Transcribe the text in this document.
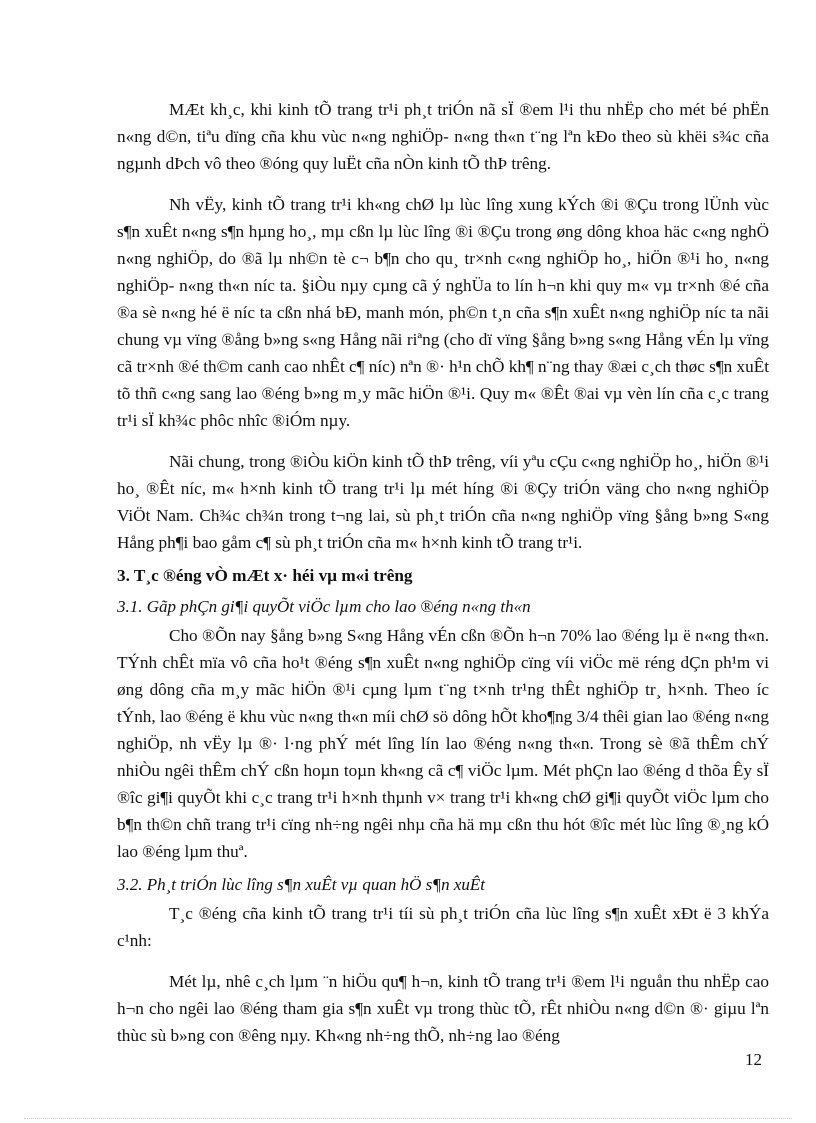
MÆt kh¸c, khi kinh tÕ trang tr¹i ph¸t triÓn nã sÏ ®em l¹i thu nhËp cho mét bé phËn n«ng d©n, tiªu dïng cña khu vùc n«ng nghiÖp- n«ng th«n t¨ng lªn kÐo theo sù khëi s¾c cña ngµnh dÞch vô theo ®óng quy luËt cña nÒn kinh tÕ thÞ trêng.

Nh vËy, kinh tÕ trang tr¹i kh«ng chØ lµ lùc lîng xung kÝch ®i ®Çu trong lÜnh vùc s¶n xuÊt n«ng s¶n hµng ho¸, mµ cßn lµ lùc lîng ®i ®Çu trong øng dông khoa häc c«ng nghÖ n«ng nghiÖp, do ®ã lµ nh©n tè c¬ b¶n cho qu¸ tr×nh c«ng nghiÖp ho¸, hiÖn ®¹i ho¸ n«ng nghiÖp- n«ng th«n níc ta. §iÒu nµy cµng cã ý nghÜa to lín h¬n khi quy m« vµ tr×nh ®é cña ®a sè n«ng hé ë níc ta cßn nhá bÐ, manh món, ph©n t¸n cña s¶n xuÊt n«ng nghiÖp níc ta nãi chung vµ vïng ®ång b»ng s«ng Hång nãi riªng (cho dï vïng §ång b»ng s«ng Hång vÉn lµ vïng cã tr×nh ®é th©m canh cao nhÊt c¶ níc) nªn ®· h¹n chÕ kh¶ n¨ng thay ®æi c¸ch thøc s¶n xuÊt tõ thñ c«ng sang lao ®éng b»ng m¸y mãc hiÖn ®¹i. Quy m« ®Êt ®ai vµ vèn lín cña c¸c trang tr¹i sÏ kh¾c phôc nhîc ®iÓm nµy.

Nãi chung, trong ®iÒu kiÖn kinh tÕ thÞ trêng, víi yªu cÇu c«ng nghiÖp ho¸, hiÖn ®¹i ho¸ ®Êt níc, m« h×nh kinh tÕ trang tr¹i lµ mét híng ®i ®Çy triÓn väng cho n«ng nghiÖp ViÖt Nam. Ch¾c ch¾n trong t¬ng lai, sù ph¸t triÓn cña n«ng nghiÖp vïng §ång b»ng S«ng Hång ph¶i bao gåm c¶ sù ph¸t triÓn cña m« h×nh kinh tÕ trang tr¹i.

3. T¸c ®éng vÒ mÆt x· héi vµ m«i trêng
3.1. Gãp phÇn gi¶i quyÕt viÖc lµm cho lao ®éng n«ng th«n

Cho ®Õn nay §ång b»ng S«ng Hång vÉn cßn ®Õn h¬n 70% lao ®éng lµ ë n«ng th«n. TÝnh chÊt mïa vô cña ho¹t ®éng s¶n xuÊt n«ng nghiÖp cïng víi viÖc më réng dÇn ph¹m vi øng dông cña m¸y mãc hiÖn ®¹i cµng lµm t¨ng t×nh tr¹ng thÊt nghiÖp tr¸ h×nh. Theo íc tÝnh, lao ®éng ë khu vùc n«ng th«n míi chØ sö dông hÕt kho¶ng 3/4 thêi gian lao ®éng n«ng nghiÖp, nh vËy lµ ®· l·ng phÝ mét lîng lín lao ®éng n«ng th«n. Trong sè ®ã thÊm chÝ nhiÒu ngêi thÊm chÝ cßn hoµn toµn kh«ng cã c¶ viÖc lµm. Mét phÇn lao ®éng d thõa Êy sÏ ®îc gi¶i quyÕt khi c¸c trang tr¹i h×nh thµnh v× trang tr¹i kh«ng chØ gi¶i quyÕt viÖc lµm cho b¶n th©n chñ trang tr¹i cïng nh÷ng ngêi nhµ cña hä mµ cßn thu hót ®îc mét lùc lîng ®¸ng kÓ lao ®éng lµm thuª.

3.2. Ph¸t triÓn lùc lîng s¶n xuÊt vµ quan hÖ s¶n xuÊt

T¸c ®éng cña kinh tÕ trang tr¹i tíi sù ph¸t triÓn cña lùc lîng s¶n xuÊt xÐt ë 3 khÝa c¹nh:

Mét lµ, nhê c¸ch lµm ¨n hiÖu qu¶ h¬n, kinh tÕ trang tr¹i ®em l¹i nguån thu nhËp cao h¬n cho ngêi lao ®éng tham gia s¶n xuÊt vµ trong thùc tÕ, rÊt nhiÒu n«ng d©n ®· giµu lªn thùc sù b»ng con ®êng nµy. Kh«ng nh÷ng thÕ, nh÷ng lao ®éng

12
